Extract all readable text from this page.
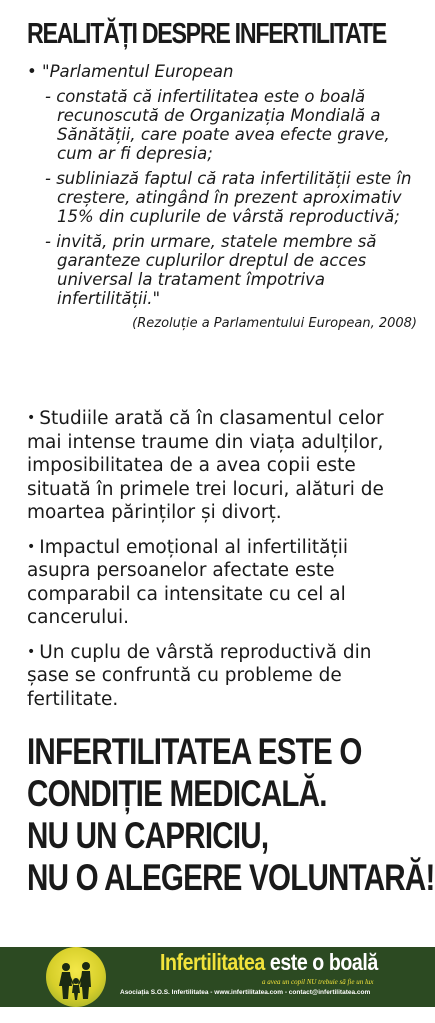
REALITĂȚI DESPRE INFERTILITATE

• "Parlamentul European

- constată că infertilitatea este o boală recunoscută de Organizația Mondială a Sănătății, care poate avea efecte grave, cum ar fi depresia;

- subliniază faptul că rata infertilității este în creștere, atingând în prezent aproximativ 15% din cuplurile de vârstă reproductivă;

- invită, prin urmare, statele membre să garanteze cuplurilor dreptul de acces universal la tratament împotriva infertilității."

(Rezoluție a Parlamentului European, 2008)

• Studiile arată că în clasamentul celor mai intense traume din viața adulților, imposibilitatea de a avea copii este situată în primele trei locuri, alături de moartea părinților și divorț.

• Impactul emoțional al infertilității asupra persoanelor afectate este comparabil ca intensitate cu cel al cancerului.

• Un cuplu de vârstă reproductivă din șase se confruntă cu probleme de fertilitate.

INFERTILITATEA ESTE O
CONDIȚIE MEDICALĂ.
NU UN CAPRICIU,
NU O ALEGERE VOLUNTARĂ!
Infertilitatea este o boală
a avea un copil NU trebuie să fie un lux
Asociația S.O.S. Infertilitatea - www.infertilitatea.com - contact@infertilitatea.com
